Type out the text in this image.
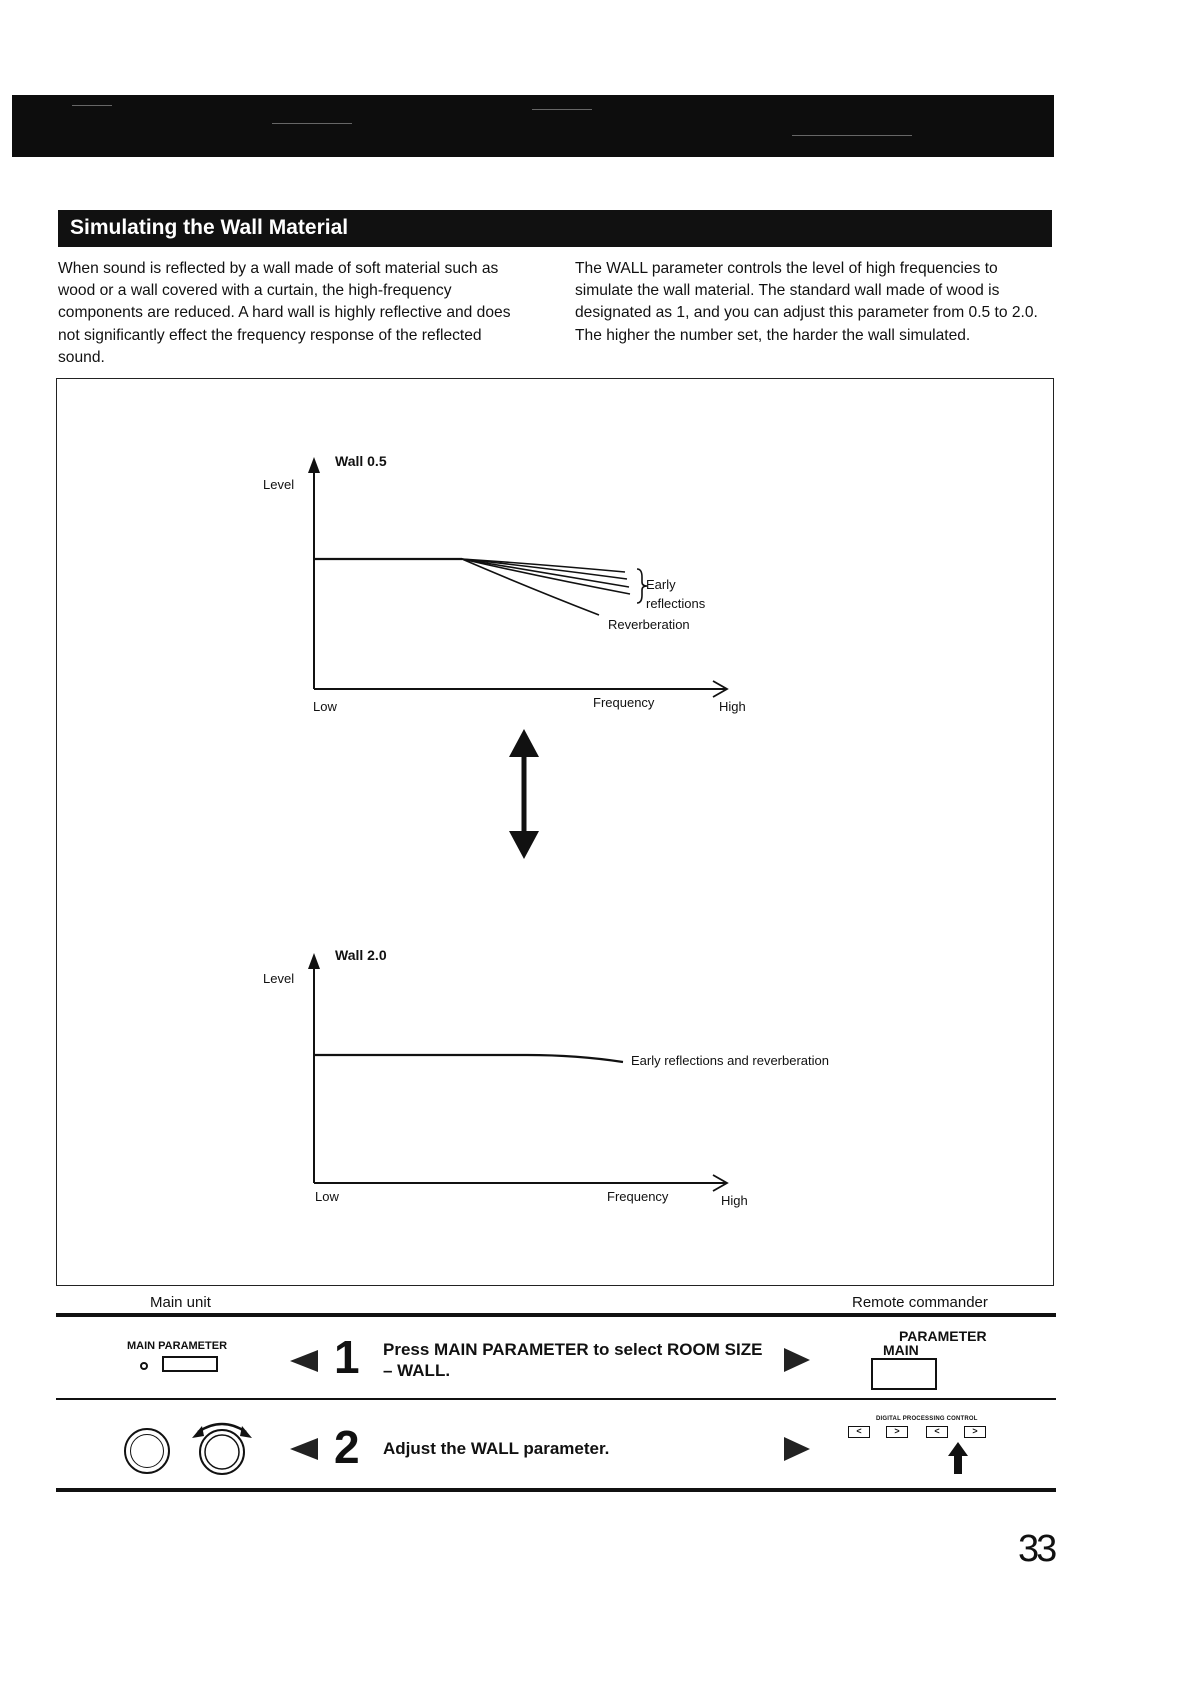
Simulating the Wall Material

When sound is reflected by a wall made of soft material such as wood or a wall covered with a curtain, the high-frequency components are reduced. A hard wall is highly reflective and does not significantly effect the frequency response of the reflected sound.

The WALL parameter controls the level of high frequencies to simulate the wall material. The standard wall made of wood is designated as 1, and you can adjust this parameter from 0.5 to 2.0. The higher the number set, the harder the wall simulated.

Wall 0.5
Level
Early reflections
Reverberation
Low	Frequency	High
Wall 2.0
Level
Early reflections and reverberation
Low	Frequency	High
Main unit	Remote commander
MAIN PARAMETER 1 Press MAIN PARAMETER to select ROOM SIZE – WALL.
PARAMETER
MAIN
2 Adjust the WALL parameter.
DIGITAL PROCESSING CONTROL
<	>	<	>
33
